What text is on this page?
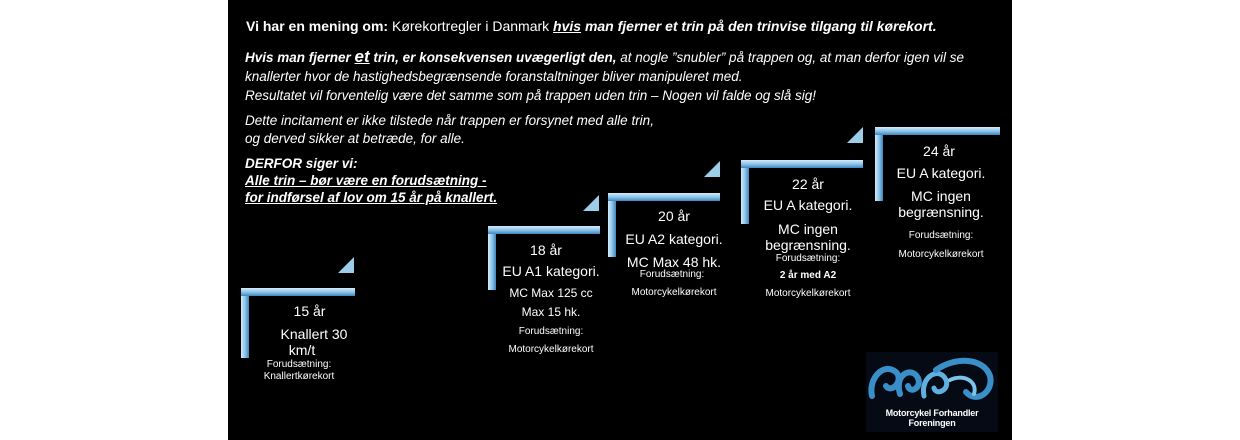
Vi har en mening om: Kørekortregler i Danmark hvis man fjerner et trin på den trinvise tilgang til kørekort.
Hvis man fjerner et trin, er konsekvensen uvægerligt den, at nogle ”snubler” på trappen og, at man derfor igen vil se
knallerter hvor de hastighedsbegrænsende foranstaltninger bliver manipuleret med.
Resultatet vil forventelig være det samme som på trappen uden trin – Nogen vil falde og slå sig!
Dette incitament er ikke tilstede når trappen er forsynet med alle trin,
og derved sikker at betræde, for alle.
DERFOR siger vi:
Alle trin – bør være en forudsætning -
for indførsel af lov om 15 år på knallert.
15 år
Knallert 30
km/t
Forudsætning:
Knallertkørekort
18 år
EU A1 kategori.
MC Max 125 cc
Max 15 hk.
Forudsætning:
Motorcykelkørekort
20 år
EU A2 kategori.
MC Max 48 hk.
Forudsætning:
Motorcykelkørekort
22 år
EU A kategori.
MC ingen
begrænsning.
Forudsætning:
2 år med A2
Motorcykelkørekort
24 år
EU A kategori.
MC ingen
begrænsning.
Forudsætning:
Motorcykelkørekort
Motorcykel Forhandler Foreningen
